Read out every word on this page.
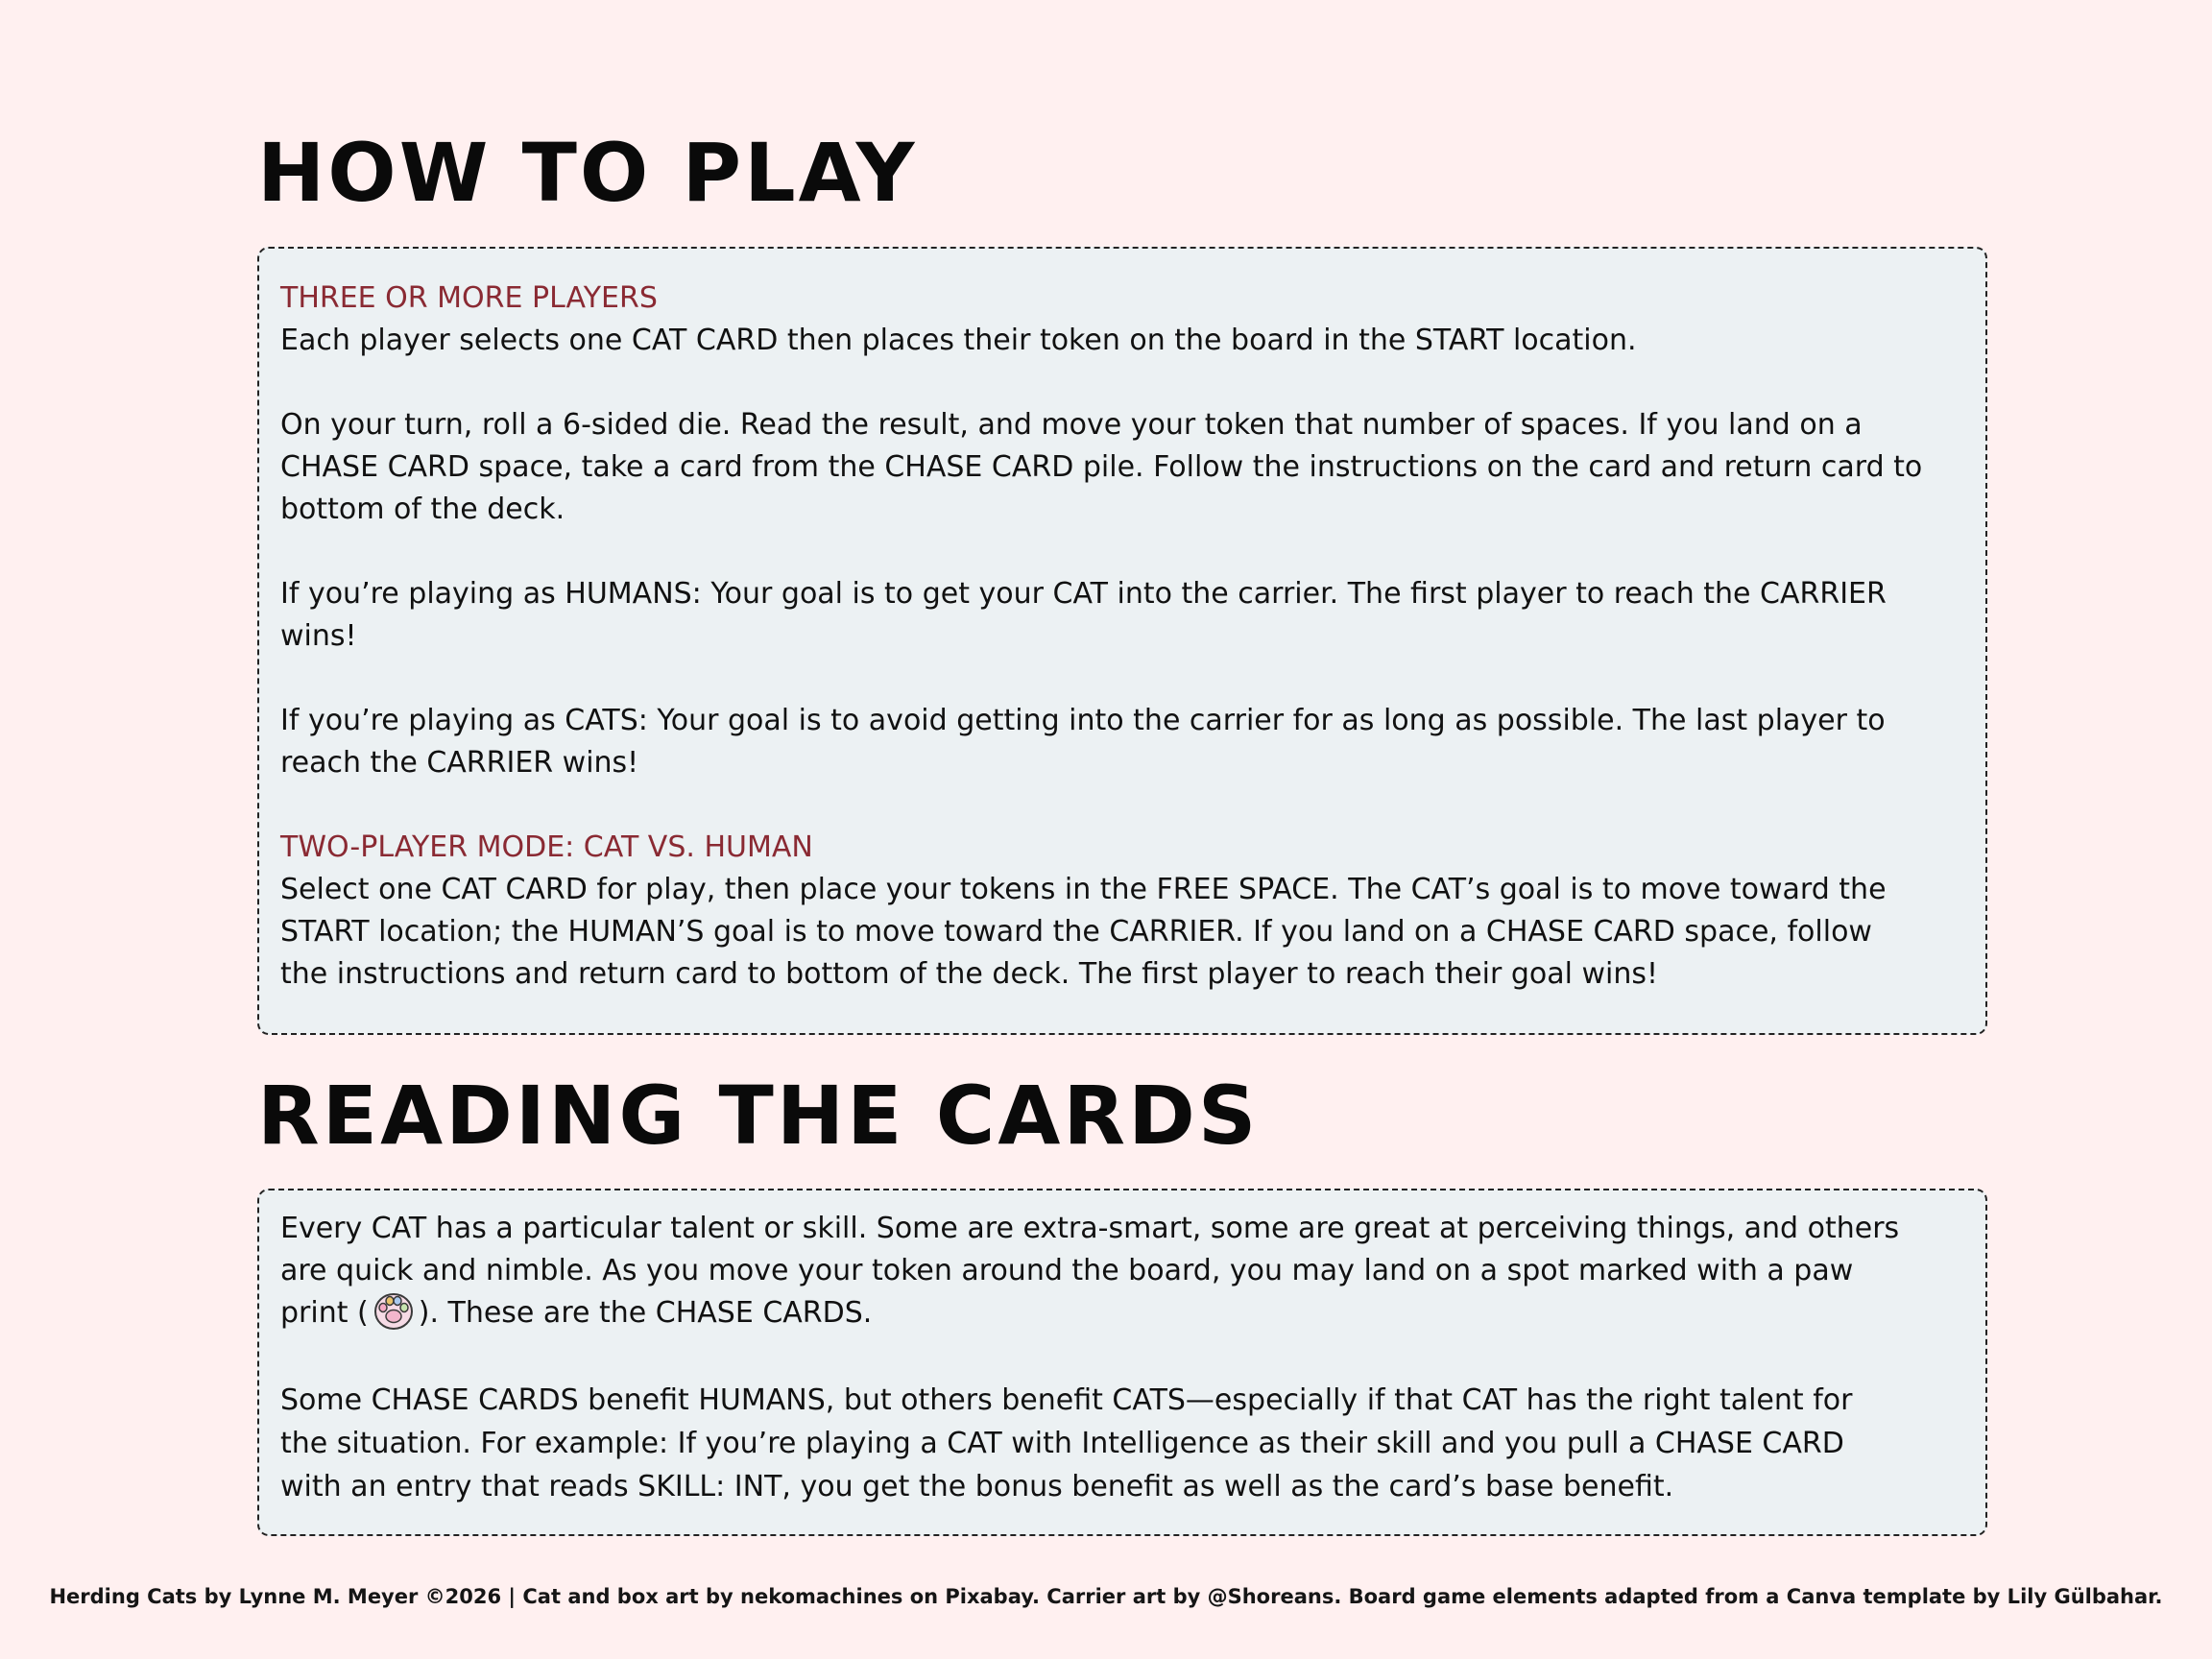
HOW TO PLAY

THREE OR MORE PLAYERS

Each player selects one CAT CARD then places their token on the board in the START location.

On your turn, roll a 6-sided die. Read the result, and move your token that number of spaces. If you land on a

CHASE CARD space, take a card from the CHASE CARD pile. Follow the instructions on the card and return card to

bottom of the deck.

If you’re playing as HUMANS: Your goal is to get your CAT into the carrier. The first player to reach the CARRIER

wins!

If you’re playing as CATS: Your goal is to avoid getting into the carrier for as long as possible. The last player to

reach the CARRIER wins!

TWO-PLAYER MODE: CAT VS. HUMAN

Select one CAT CARD for play, then place your tokens in the FREE SPACE. The CAT’s goal is to move toward the

START location; the HUMAN’S goal is to move toward the CARRIER. If you land on a CHASE CARD space, follow

the instructions and return card to bottom of the deck. The first player to reach their goal wins!

READING THE CARDS

Every CAT has a particular talent or skill. Some are extra-smart, some are great at perceiving things, and others

are quick and nimble. As you move your token around the board, you may land on a spot marked with a paw

print ( ). These are the CHASE CARDS.

Some CHASE CARDS benefit HUMANS, but others benefit CATS—especially if that CAT has the right talent for

the situation. For example: If you’re playing a CAT with Intelligence as their skill and you pull a CHASE CARD

with an entry that reads SKILL: INT, you get the bonus benefit as well as the card’s base benefit.

Herding Cats by Lynne M. Meyer ©2026 | Cat and box art by nekomachines on Pixabay. Carrier art by @Shoreans. Board game elements adapted from a Canva template by Lily Gülbahar.
